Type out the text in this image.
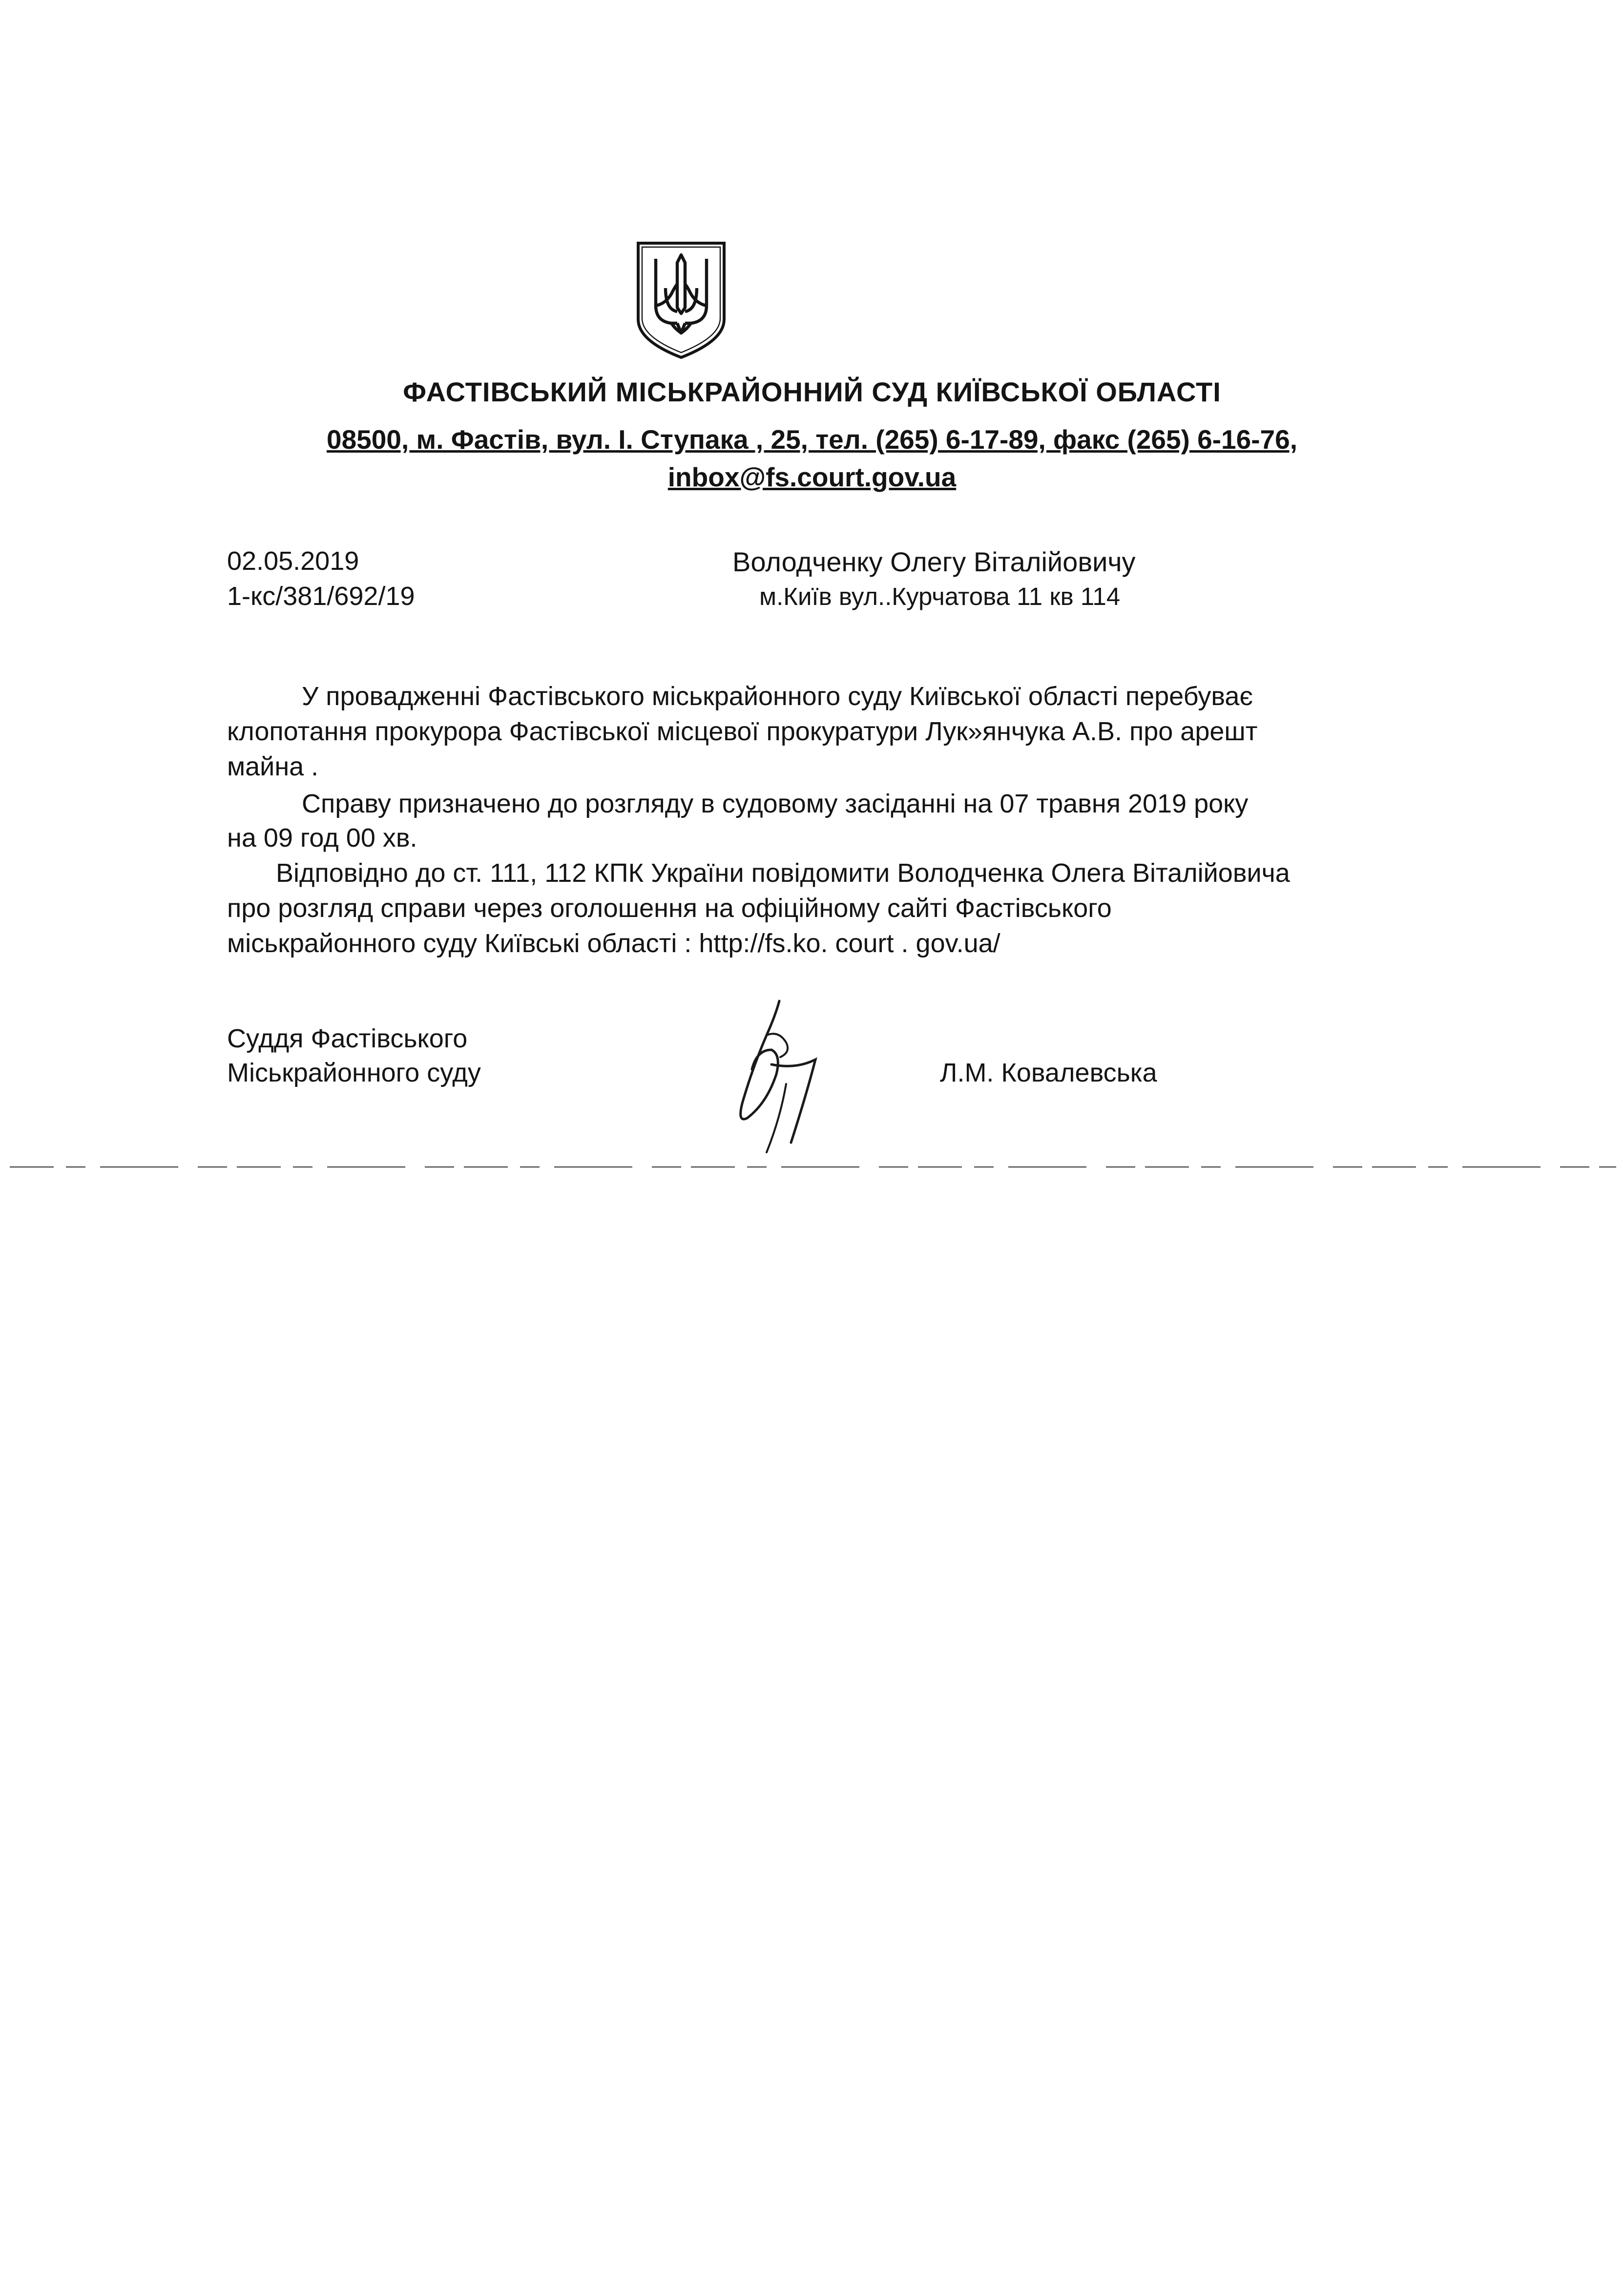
ФАСТІВСЬКИЙ МІСЬКРАЙОННИЙ СУД КИЇВСЬКОЇ ОБЛАСТІ
08500, м. Фастів, вул. І. Ступака , 25, тел. (265) 6-17-89, факс (265) 6-16-76,
inbox@fs.court.gov.ua
02.05.2019
1-кс/381/692/19
Володченку Олегу Віталійовичу
м.Київ вул..Курчатова 11 кв 114
У провадженні Фастівського міськрайонного суду Київської області перебуває
клопотання прокурора Фастівської місцевої прокуратури Лук»янчука А.В. про арешт
майна .
Справу призначено до розгляду в судовому засіданні на 07 травня 2019 року
на 09 год 00 хв.
Відповідно до ст. 111, 112 КПК України повідомити Володченка Олега Віталійовича
про розгляд справи через оголошення на офіційному сайті Фастівського
міськрайонного суду Київські області : http://fs.ko. court . gov.ua/
Суддя Фастівського
Міськрайонного суду	Л.М. Ковалевська
